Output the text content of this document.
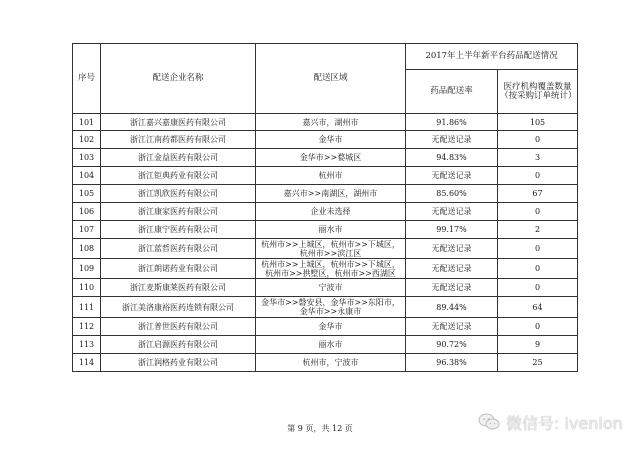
序号	配送企业名称	配送区域	2017年上半年新平台药品配送情况	
			药品配送率	医疗机构覆盖数量（按采购订单统计）
101	浙江嘉兴嘉康医药有限公司	嘉兴市，湖州市	91.86%	105
102	浙江江南药都医药有限公司	金华市	无配送记录	0
103	浙江金益医药有限公司	金华市>>婺城区	94.83%	3
104	浙江钜典药业有限公司	杭州市	无配送记录	0
105	浙江凯欣医药有限公司	嘉兴市>>南湖区，湖州市	85.60%	67
106	浙江康家医药有限公司	企业未选择	无配送记录	0
107	浙江康宁医药有限公司	丽水市	99.17%	2
108	浙江蓝哲医药有限公司	杭州市>>上城区，杭州市>>下城区，杭州市>>滨江区	无配送记录	0
109	浙江朗诺药业有限公司	杭州市>>上城区，杭州市>>下城区，杭州市>>拱墅区，杭州市>>西湖区	无配送记录	0
110	浙江麦斯康莱医药有限公司	宁波市	无配送记录	0
111	浙江美洛康裕医药连锁有限公司	金华市>>磐安县，金华市>>东阳市，金华市>>永康市	89.44%	64
112	浙江普世医药有限公司	金华市	无配送记录	0
113	浙江启源医药有限公司	丽水市	90.72%	9
114	浙江润格药业有限公司	杭州市，宁波市	96.38%	25
第 9 页，共 12 页	微信号: ivenlon
